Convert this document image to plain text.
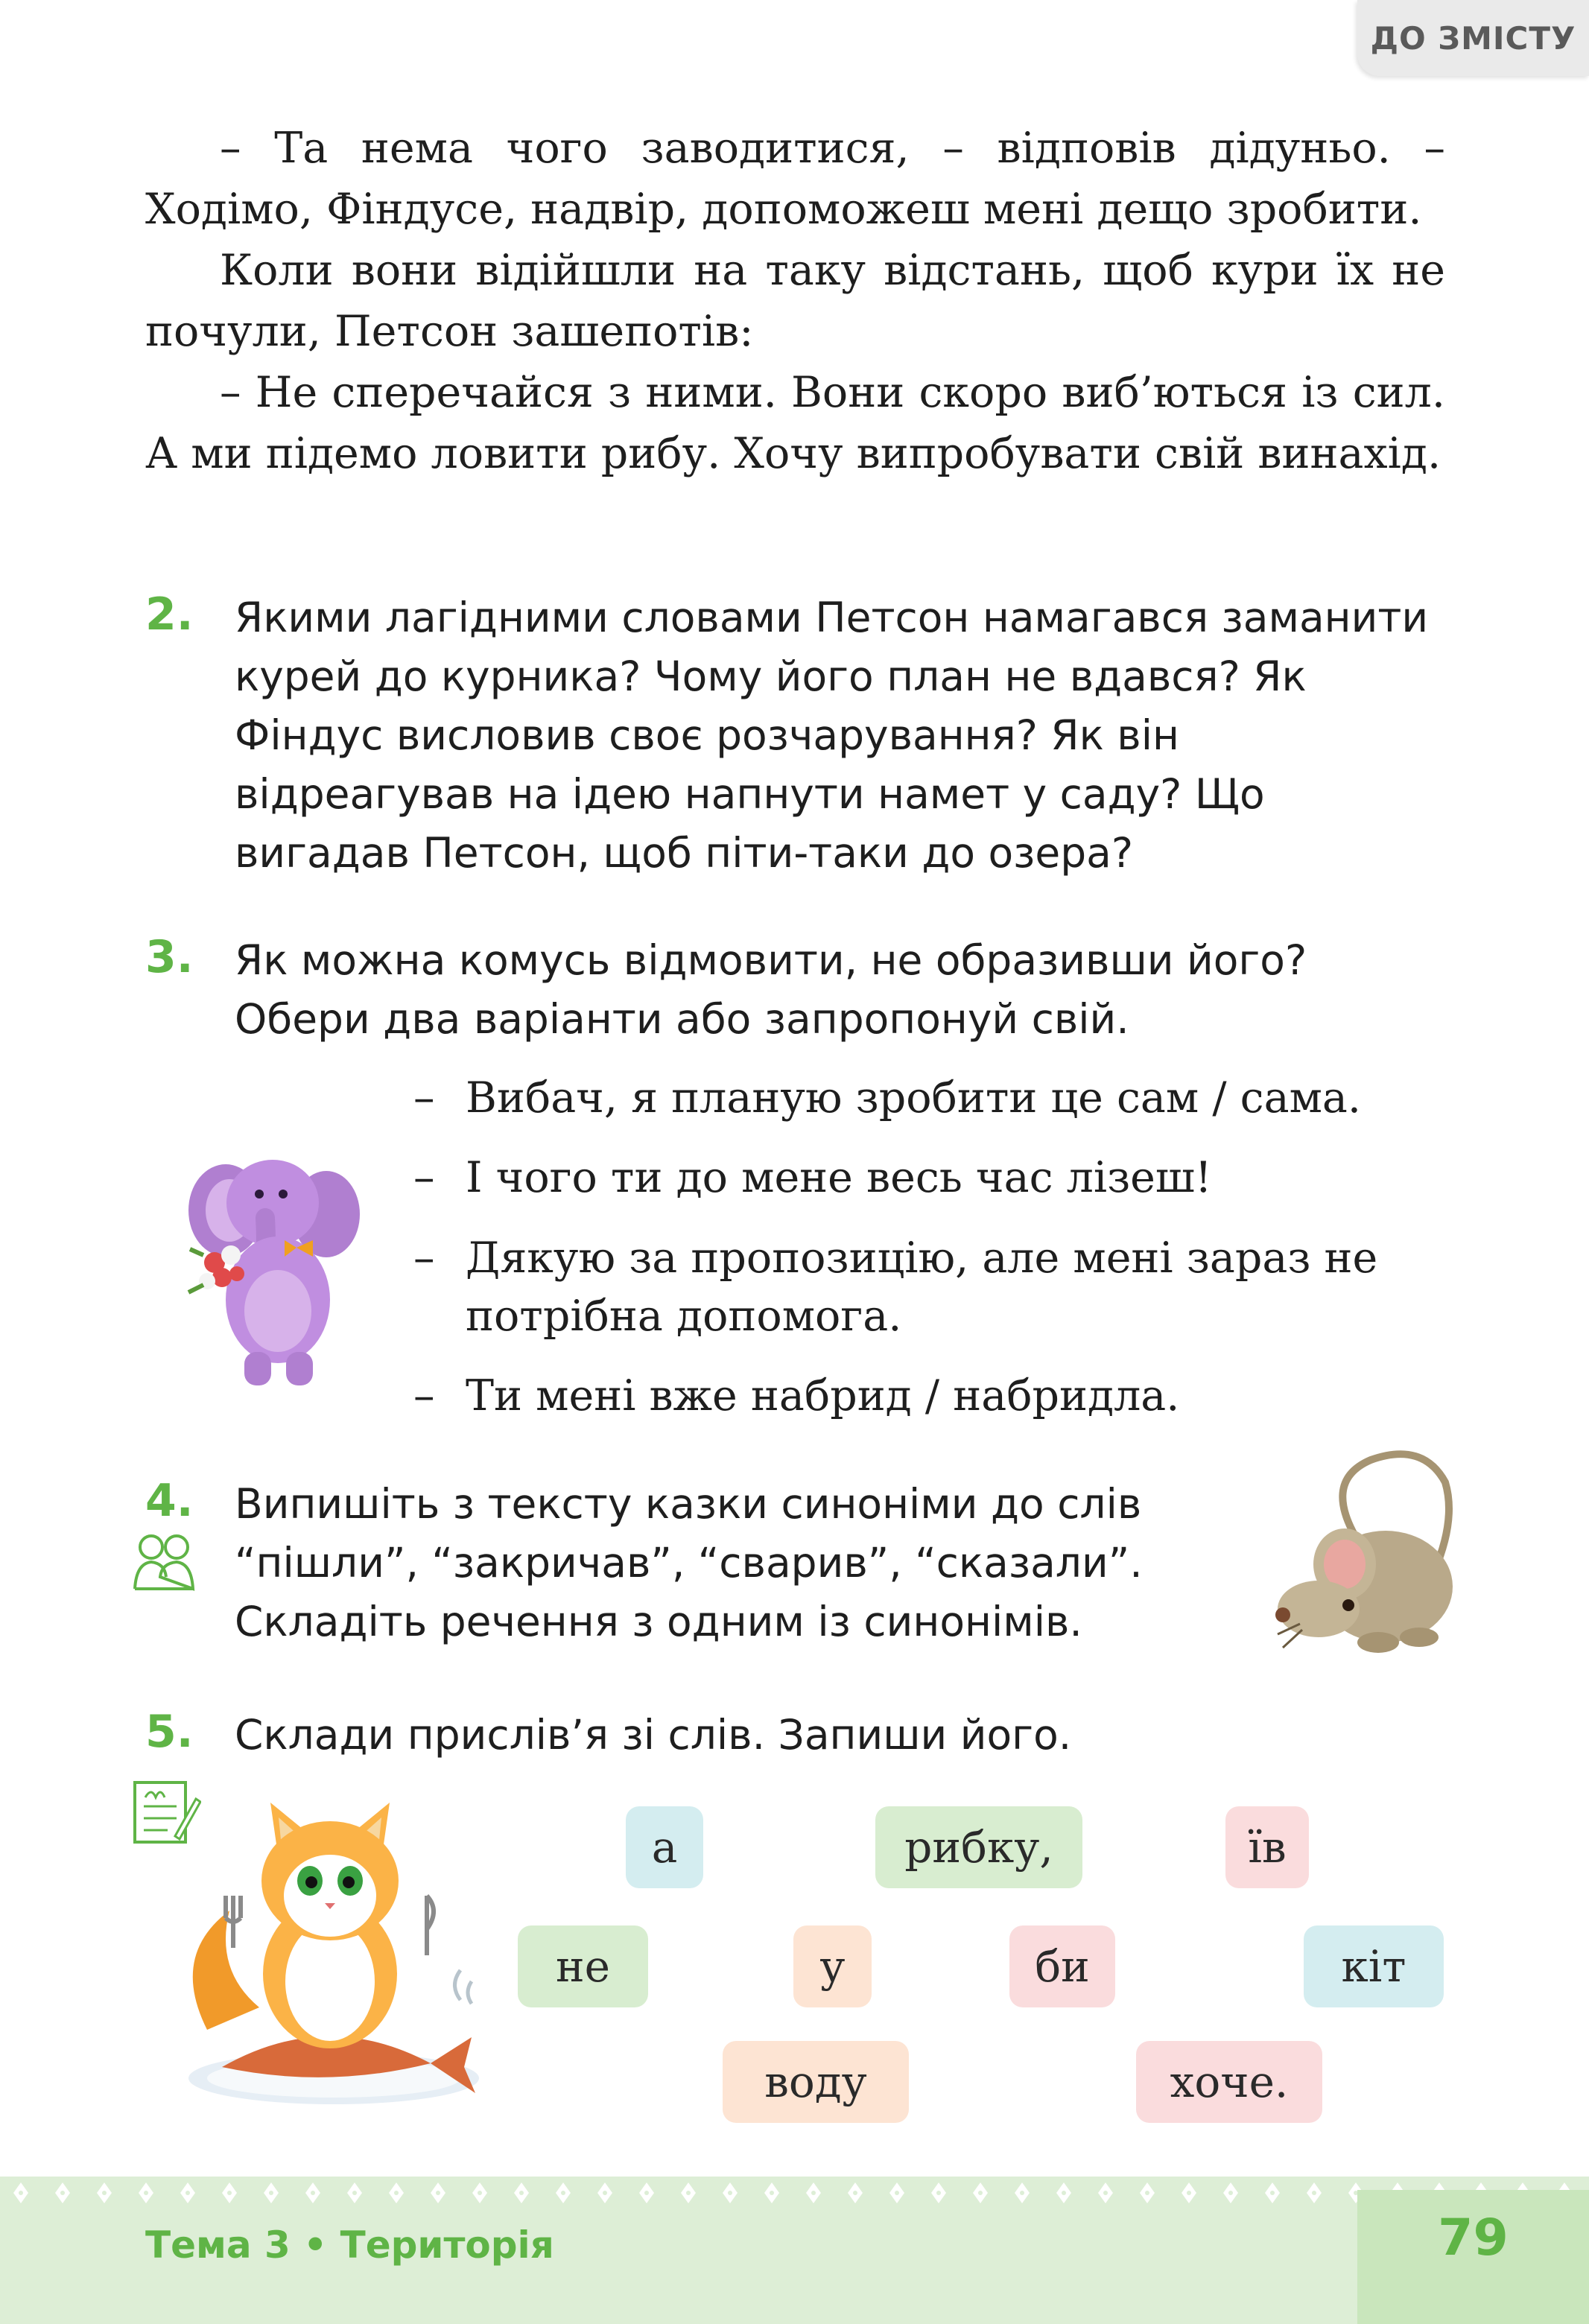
ДО ЗМІСТУ

– Та нема чого заводитися, – відповів дідуньо. – Ходімо, Фіндусе, надвір, допоможеш мені дещо зробити.

Коли вони відійшли на таку відстань, щоб кури їх не почули, Петсон зашепотів:

– Не сперечайся з ними. Вони скоро виб’ються із сил. А ми підемо ловити рибу. Хочу випробувати свій винахід.

2. Якими лагідними словами Петсон намагався заманити курей до курника? Чому його план не вдався? Як Фіндус висловив своє розчарування? Як він відреагував на ідею напнути намет у саду? Що вигадав Петсон, щоб піти-таки до озера?
3. Як можна комусь відмовити, не образивши його? Обери два варіанти або запропонуй свій.
– Вибач, я планую зробити це сам / сама.
– І чого ти до мене весь час лізеш!
– Дякую за пропозицію, але мені зараз не потрібна допомога.
– Ти мені вже набрид / набридла.
4. Випишіть з тексту казки синоніми до слів “пішли”, “закричав”, “сварив”, “сказали”. Складіть речення з одним із синонімів.
5. Склади прислів’я зі слів. Запиши його.
а	рибку,	їв
не	у	би	кіт
воду	хоче.
Тема 3 • Територія	79
